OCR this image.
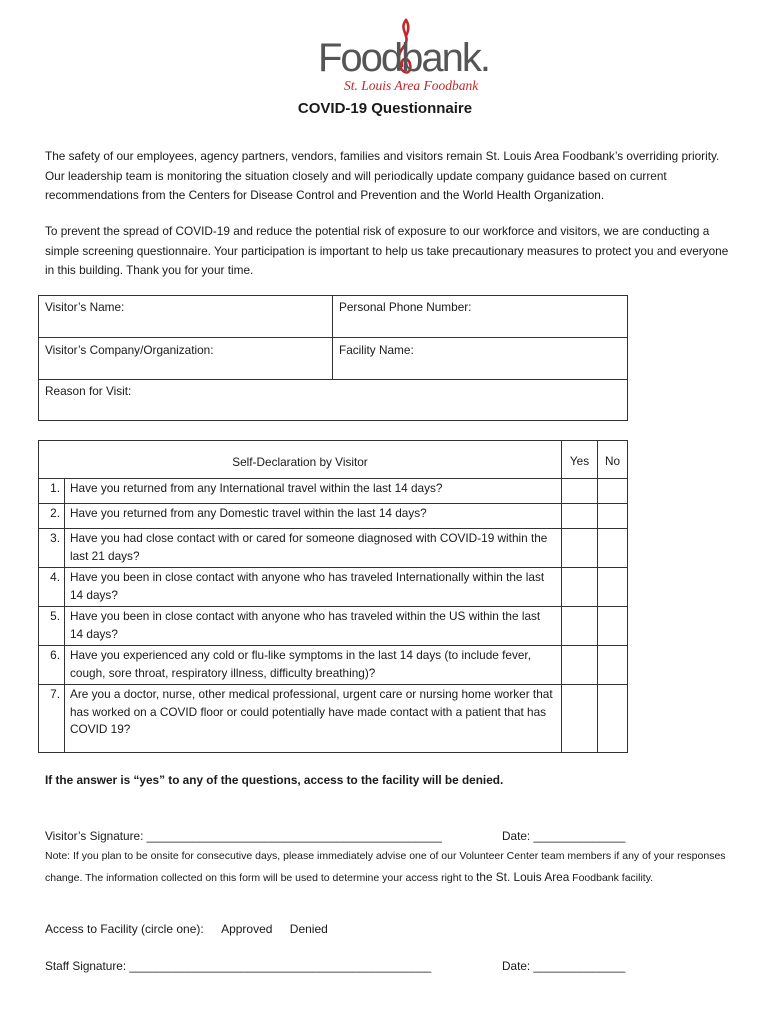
Foodbank.
St. Louis Area Foodbank
COVID-19 Questionnaire
The safety of our employees, agency partners, vendors, families and visitors remain St. Louis Area Foodbank’s overriding priority. Our leadership team is monitoring the situation closely and will periodically update company guidance based on current recommendations from the Centers for Disease Control and Prevention and the World Health Organization.
To prevent the spread of COVID-19 and reduce the potential risk of exposure to our workforce and visitors, we are conducting a simple screening questionnaire. Your participation is important to help us take precautionary measures to protect you and everyone in this building. Thank you for your time.
Visitor’s Name:	Personal Phone Number:
Visitor’s Company/Organization:	Facility Name:
Reason for Visit:
Self-Declaration by Visitor		Yes	No
1.	Have you returned from any International travel within the last 14 days?		
2.	Have you returned from any Domestic travel within the last 14 days?		
3.	Have you had close contact with or cared for someone diagnosed with COVID-19 within the last 21 days?		
4.	Have you been in close contact with anyone who has traveled Internationally within the last 14 days?		
5.	Have you been in close contact with anyone who has traveled within the US within the last 14 days?		
6.	Have you experienced any cold or flu-like symptoms in the last 14 days (to include fever, cough, sore throat, respiratory illness, difficulty breathing)?		
7.	Are you a doctor, nurse, other medical professional, urgent care or nursing home worker that has worked on a COVID floor or could potentially have made contact with a patient that has COVID 19?		
If the answer is “yes” to any of the questions, access to the facility will be denied.
Visitor’s Signature: _____________________________________________	Date: ______________
Note: If you plan to be onsite for consecutive days, please immediately advise one of our Volunteer Center team members if any of your responses change. The information collected on this form will be used to determine your access right to the St. Louis Area Foodbank facility.
Access to Facility (circle one): Approved Denied
Staff Signature: ______________________________________________	Date: ______________
